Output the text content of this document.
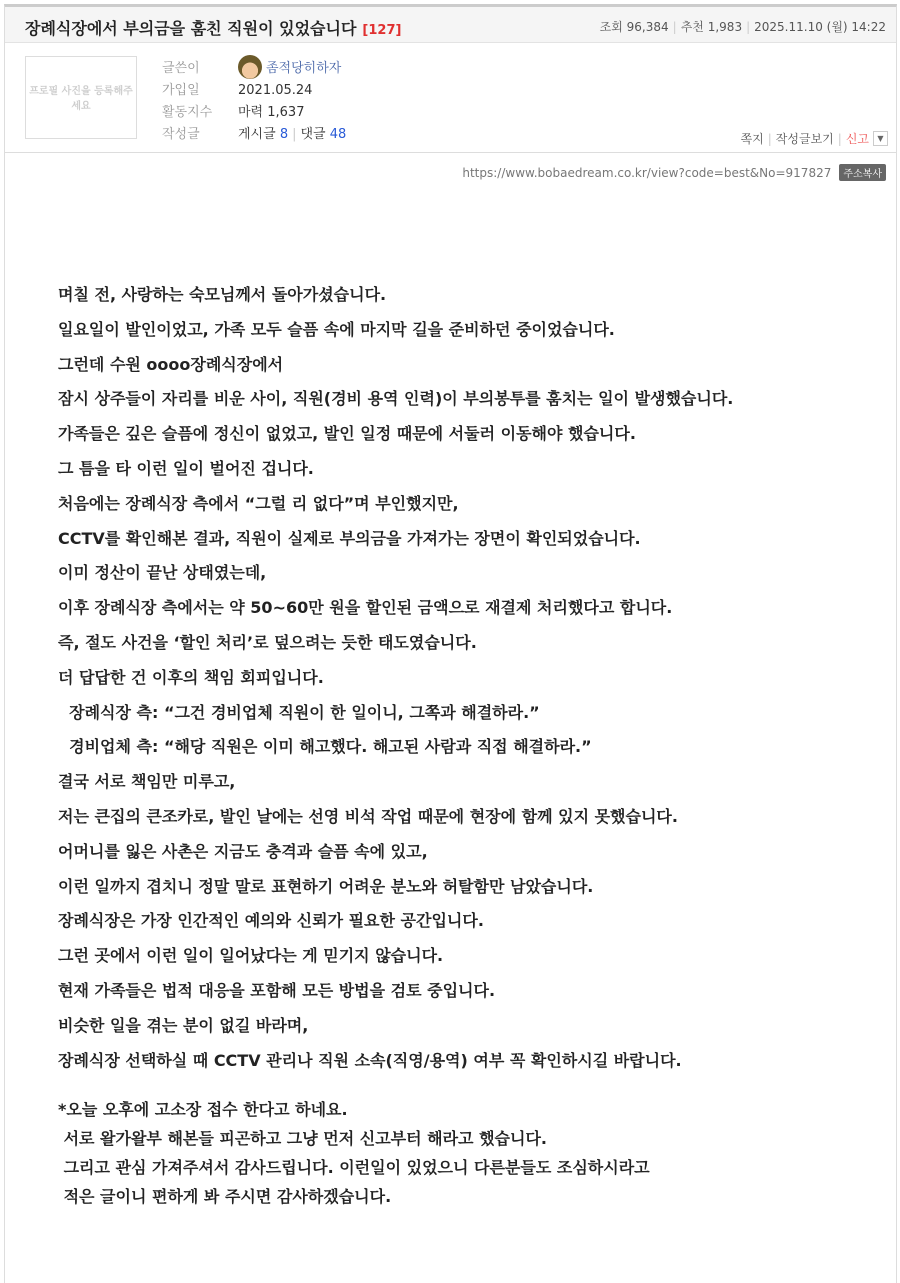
장례식장에서 부의금을 훔친 직원이 있었습니다 [127]	조회 96,384 | 추천 1,983 | 2025.11.10 (월) 14:22
프로필 사진을 등록해주세요
글쓴이	좀적당히하자
가입일	2021.05.24
활동지수	마력 1,637
작성글	게시글 8 | 댓글 48	쪽지 | 작성글보기 | 신고	▼
https://www.bobaedream.co.kr/view?code=best&No=917827	주소복사

며칠 전, 사랑하는 숙모님께서 돌아가셨습니다.

일요일이 발인이었고, 가족 모두 슬픔 속에 마지막 길을 준비하던 중이었습니다.

그런데 수원 oooo장례식장에서

잠시 상주들이 자리를 비운 사이, 직원(경비 용역 인력)이 부의봉투를 훔치는 일이 발생했습니다.

가족들은 깊은 슬픔에 정신이 없었고, 발인 일정 때문에 서둘러 이동해야 했습니다.

그 틈을 타 이런 일이 벌어진 겁니다.

처음에는 장례식장 측에서 “그럴 리 없다”며 부인했지만,

CCTV를 확인해본 결과, 직원이 실제로 부의금을 가져가는 장면이 확인되었습니다.

이미 정산이 끝난 상태였는데,

이후 장례식장 측에서는 약 50~60만 원을 할인된 금액으로 재결제 처리했다고 합니다.

즉, 절도 사건을 ‘할인 처리’로 덮으려는 듯한 태도였습니다.

더 답답한 건 이후의 책임 회피입니다.

장례식장 측: “그건 경비업체 직원이 한 일이니, 그쪽과 해결하라.”

경비업체 측: “해당 직원은 이미 해고했다. 해고된 사람과 직접 해결하라.”

결국 서로 책임만 미루고,

저는 큰집의 큰조카로, 발인 날에는 선영 비석 작업 때문에 현장에 함께 있지 못했습니다.

어머니를 잃은 사촌은 지금도 충격과 슬픔 속에 있고,

이런 일까지 겹치니 정말 말로 표현하기 어려운 분노와 허탈함만 남았습니다.

장례식장은 가장 인간적인 예의와 신뢰가 필요한 공간입니다.

그런 곳에서 이런 일이 일어났다는 게 믿기지 않습니다.

현재 가족들은 법적 대응을 포함해 모든 방법을 검토 중입니다.

비슷한 일을 겪는 분이 없길 바라며,

장례식장 선택하실 때 CCTV 관리나 직원 소속(직영/용역) 여부 꼭 확인하시길 바랍니다.

*오늘 오후에 고소장 접수 한다고 하네요.

서로 왈가왈부 해본들 피곤하고 그냥 먼저 신고부터 해라고 했습니다.

그리고 관심 가져주셔서 감사드립니다. 이런일이 있었으니 다른분들도 조심하시라고

적은 글이니 편하게 봐 주시면 감사하겠습니다.
